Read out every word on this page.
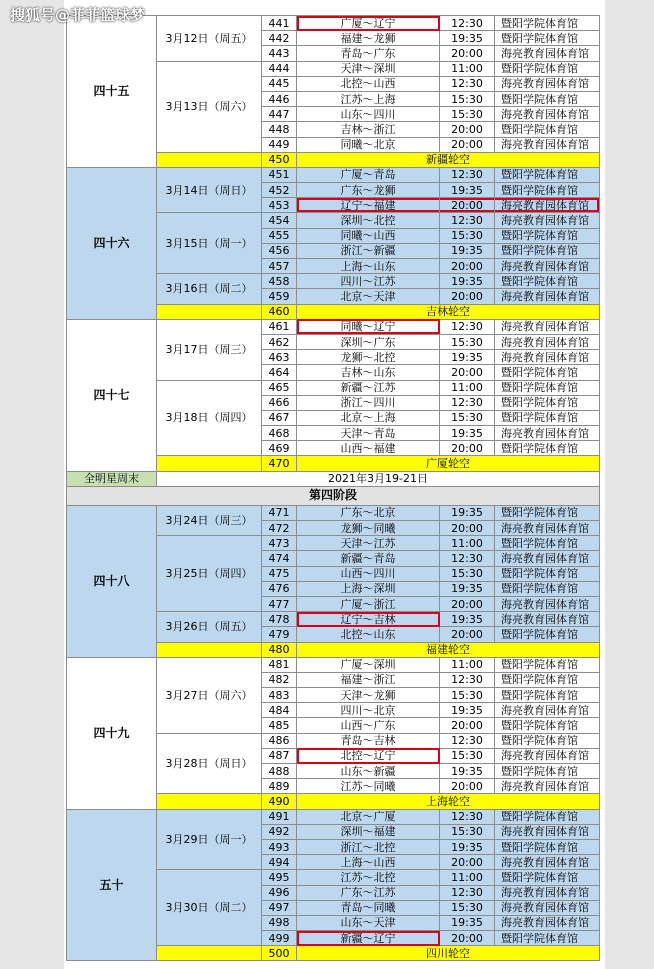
搜狐号@菲菲篮球梦
四十五	3月12日（周五）	441	广厦～辽宁	12:30	暨阳学院体育馆
		442	福建～龙狮	19:35	暨阳学院体育馆
		443	青岛～广东	20:00	海亮教育园体育馆
	3月13日（周六）	444	天津～深圳	11:00	暨阳学院体育馆
		445	北控～山西	12:30	海亮教育园体育馆
		446	江苏～上海	15:30	暨阳学院体育馆
		447	山东～四川	15:30	海亮教育园体育馆
		448	吉林～浙江	20:00	暨阳学院体育馆
		449	同曦～北京	20:00	海亮教育园体育馆
		450	新疆轮空		
四十六	3月14日（周日）	451	广厦～青岛	12:30	暨阳学院体育馆
		452	广东～龙狮	19:35	暨阳学院体育馆
		453	辽宁～福建	20:00	海亮教育园体育馆
	3月15日（周一）	454	深圳～北控	12:30	海亮教育园体育馆
		455	同曦～山西	15:30	暨阳学院体育馆
		456	浙江～新疆	19:35	暨阳学院体育馆
		457	上海～山东	20:00	海亮教育园体育馆
	3月16日（周二）	458	四川～江苏	19:35	暨阳学院体育馆
		459	北京～天津	20:00	海亮教育园体育馆
		460	吉林轮空		
四十七	3月17日（周三）	461	同曦～辽宁	12:30	海亮教育园体育馆
		462	深圳～广东	15:30	海亮教育园体育馆
		463	龙狮～北控	19:35	海亮教育园体育馆
		464	吉林～山东	20:00	暨阳学院体育馆
	3月18日（周四）	465	新疆～江苏	11:00	暨阳学院体育馆
		466	浙江～四川	12:30	暨阳学院体育馆
		467	北京～上海	15:30	暨阳学院体育馆
		468	天津～青岛	19:35	海亮教育园体育馆
		469	山西～福建	20:00	暨阳学院体育馆
		470	广厦轮空		
全明星周末	2021年3月19-21日				
第四阶段					
四十八	3月24日（周三）	471	广东～北京	19:35	暨阳学院体育馆
		472	龙狮～同曦	20:00	海亮教育园体育馆
	3月25日（周四）	473	天津～江苏	11:00	暨阳学院体育馆
		474	新疆～青岛	12:30	海亮教育园体育馆
		475	山西～四川	15:30	暨阳学院体育馆
		476	上海～深圳	19:35	暨阳学院体育馆
		477	广厦～浙江	20:00	海亮教育园体育馆
	3月26日（周五）	478	辽宁～吉林	19:35	海亮教育园体育馆
		479	北控～山东	20:00	暨阳学院体育馆
		480	福建轮空		
四十九	3月27日（周六）	481	广厦～深圳	11:00	暨阳学院体育馆
		482	福建～浙江	12:30	暨阳学院体育馆
		483	天津～龙狮	15:30	暨阳学院体育馆
		484	四川～北京	19:35	海亮教育园体育馆
		485	山西～广东	20:00	暨阳学院体育馆
	3月28日（周日）	486	青岛～吉林	12:30	暨阳学院体育馆
		487	北控～辽宁	15:30	海亮教育园体育馆
		488	山东～新疆	19:35	暨阳学院体育馆
		489	江苏～同曦	20:00	海亮教育园体育馆
		490	上海轮空		
五十	3月29日（周一）	491	北京～广厦	12:30	暨阳学院体育馆
		492	深圳～福建	15:30	海亮教育园体育馆
		493	浙江～北控	19:35	暨阳学院体育馆
		494	上海～山西	20:00	海亮教育园体育馆
	3月30日（周二）	495	江苏～北控	11:00	暨阳学院体育馆
		496	广东～江苏	12:30	海亮教育园体育馆
		497	青岛～同曦	15:30	海亮教育园体育馆
		498	山东～天津	19:35	海亮教育园体育馆
		499	新疆～辽宁	20:00	暨阳学院体育馆
		500	四川轮空		
